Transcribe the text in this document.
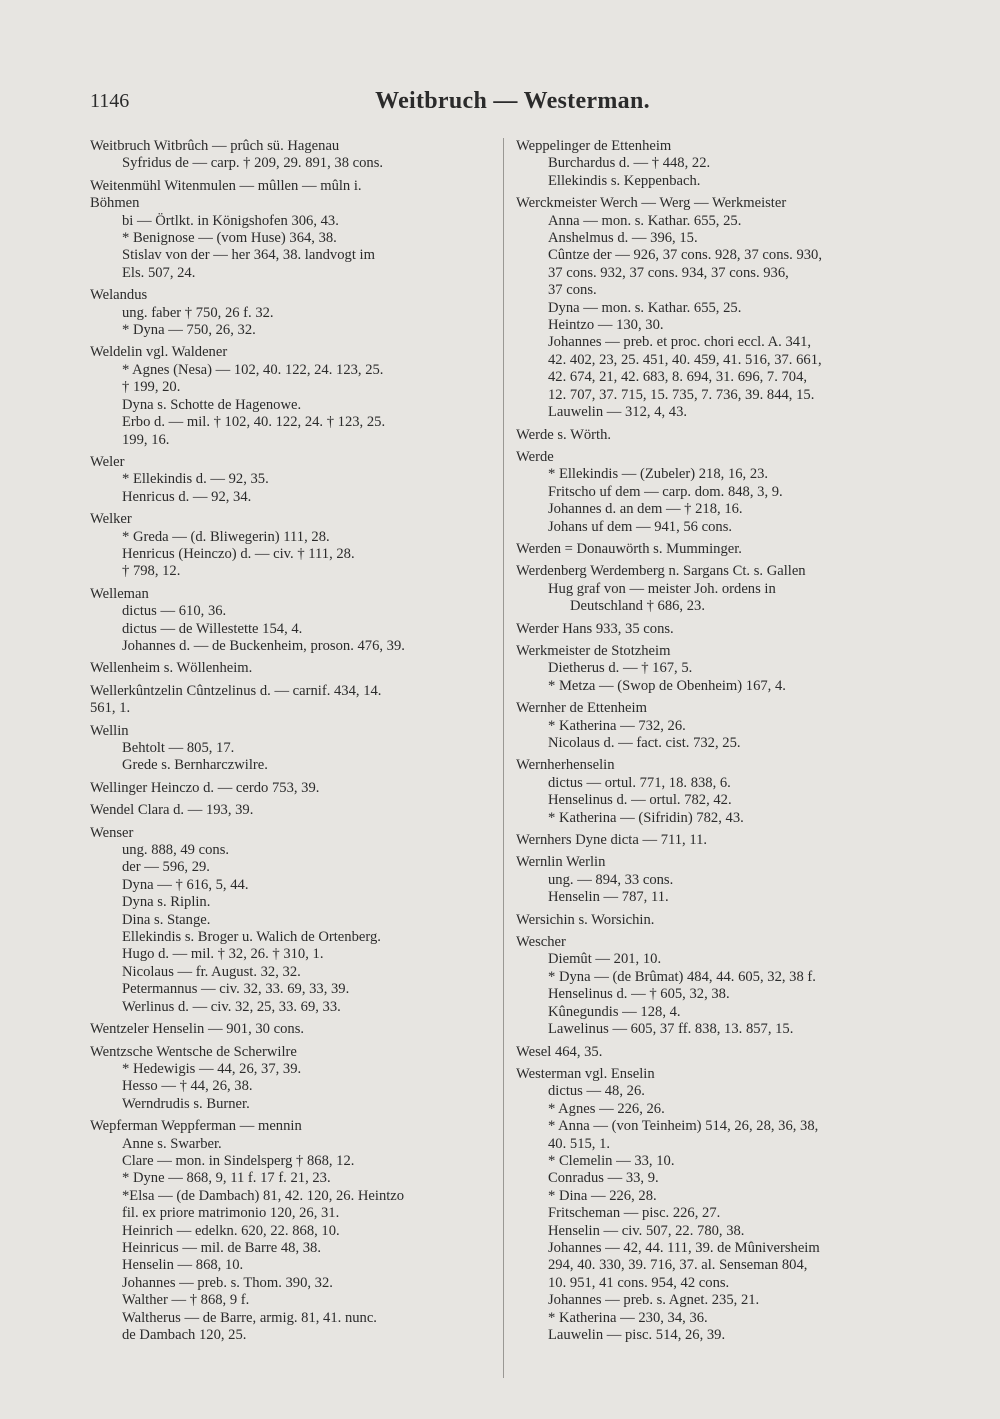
1146	Weitbruch — Westerman.
Weitbruch Witbrûch — prûch sü. Hagenau
Syfridus de — carp. † 209, 29. 891, 38 cons.
Weitenmühl Witenmulen — mûllen — mûln i.
Böhmen
bi — Örtlkt. in Königshofen 306, 43.
* Benignose — (vom Huse) 364, 38.
Stislav von der — her 364, 38. landvogt im
Els. 507, 24.
Welandus
ung. faber † 750, 26 f. 32.
* Dyna — 750, 26, 32.
Weldelin vgl. Waldener
* Agnes (Nesa) — 102, 40. 122, 24. 123, 25.
† 199, 20.
Dyna s. Schotte de Hagenowe.
Erbo d. — mil. † 102, 40. 122, 24. † 123, 25.
199, 16.
Weler
* Ellekindis d. — 92, 35.
Henricus d. — 92, 34.
Welker
* Greda — (d. Bliwegerin) 111, 28.
Henricus (Heinczo) d. — civ. † 111, 28.
† 798, 12.
Welleman
dictus — 610, 36.
dictus — de Willestette 154, 4.
Johannes d. — de Buckenheim, proson. 476, 39.
Wellenheim s. Wöllenheim.
Wellerkûntzelin Cûntzelinus d. — carnif. 434, 14.
561, 1.
Wellin
Behtolt — 805, 17.
Grede s. Bernharczwilre.
Wellinger Heinczo d. — cerdo 753, 39.
Wendel Clara d. — 193, 39.
Wenser
ung. 888, 49 cons.
der — 596, 29.
Dyna — † 616, 5, 44.
Dyna s. Riplin.
Dina s. Stange.
Ellekindis s. Broger u. Walich de Ortenberg.
Hugo d. — mil. † 32, 26. † 310, 1.
Nicolaus — fr. August. 32, 32.
Petermannus — civ. 32, 33. 69, 33, 39.
Werlinus d. — civ. 32, 25, 33. 69, 33.
Wentzeler Henselin — 901, 30 cons.
Wentzsche Wentsche de Scherwilre
* Hedewigis — 44, 26, 37, 39.
Hesso — † 44, 26, 38.
Werndrudis s. Burner.
Wepferman Weppferman — mennin
Anne s. Swarber.
Clare — mon. in Sindelsperg † 868, 12.
* Dyne — 868, 9, 11 f. 17 f. 21, 23.
*Elsa — (de Dambach) 81, 42. 120, 26. Heintzo
fil. ex priore matrimonio 120, 26, 31.
Heinrich — edelkn. 620, 22. 868, 10.
Heinricus — mil. de Barre 48, 38.
Henselin — 868, 10.
Johannes — preb. s. Thom. 390, 32.
Walther — † 868, 9 f.
Waltherus — de Barre, armig. 81, 41. nunc.
de Dambach 120, 25.
Weppelinger de Ettenheim
Burchardus d. — † 448, 22.
Ellekindis s. Keppenbach.
Werckmeister Werch — Werg — Werkmeister
Anna — mon. s. Kathar. 655, 25.
Anshelmus d. — 396, 15.
Cûntze der — 926, 37 cons. 928, 37 cons. 930,
37 cons. 932, 37 cons. 934, 37 cons. 936,
37 cons.
Dyna — mon. s. Kathar. 655, 25.
Heintzo — 130, 30.
Johannes — preb. et proc. chori eccl. A. 341,
42. 402, 23, 25. 451, 40. 459, 41. 516, 37. 661,
42. 674, 21, 42. 683, 8. 694, 31. 696, 7. 704,
12. 707, 37. 715, 15. 735, 7. 736, 39. 844, 15.
Lauwelin — 312, 4, 43.
Werde s. Wörth.
Werde
* Ellekindis — (Zubeler) 218, 16, 23.
Fritscho uf dem — carp. dom. 848, 3, 9.
Johannes d. an dem — † 218, 16.
Johans uf dem — 941, 56 cons.
Werden = Donauwörth s. Mumminger.
Werdenberg Werdemberg n. Sargans Ct. s. Gallen
Hug graf von — meister Joh. ordens in
Deutschland † 686, 23.
Werder Hans 933, 35 cons.
Werkmeister de Stotzheim
Dietherus d. — † 167, 5.
* Metza — (Swop de Obenheim) 167, 4.
Wernher de Ettenheim
* Katherina — 732, 26.
Nicolaus d. — fact. cist. 732, 25.
Wernherhenselin
dictus — ortul. 771, 18. 838, 6.
Henselinus d. — ortul. 782, 42.
* Katherina — (Sifridin) 782, 43.
Wernhers Dyne dicta — 711, 11.
Wernlin Werlin
ung. — 894, 33 cons.
Henselin — 787, 11.
Wersichin s. Worsichin.
Wescher
Diemût — 201, 10.
* Dyna — (de Brûmat) 484, 44. 605, 32, 38 f.
Henselinus d. — † 605, 32, 38.
Kûnegundis — 128, 4.
Lawelinus — 605, 37 ff. 838, 13. 857, 15.
Wesel 464, 35.
Westerman vgl. Enselin
dictus — 48, 26.
* Agnes — 226, 26.
* Anna — (von Teinheim) 514, 26, 28, 36, 38,
40. 515, 1.
* Clemelin — 33, 10.
Conradus — 33, 9.
* Dina — 226, 28.
Fritscheman — pisc. 226, 27.
Henselin — civ. 507, 22. 780, 38.
Johannes — 42, 44. 111, 39. de Mûniversheim
294, 40. 330, 39. 716, 37. al. Senseman 804,
10. 951, 41 cons. 954, 42 cons.
Johannes — preb. s. Agnet. 235, 21.
* Katherina — 230, 34, 36.
Lauwelin — pisc. 514, 26, 39.
